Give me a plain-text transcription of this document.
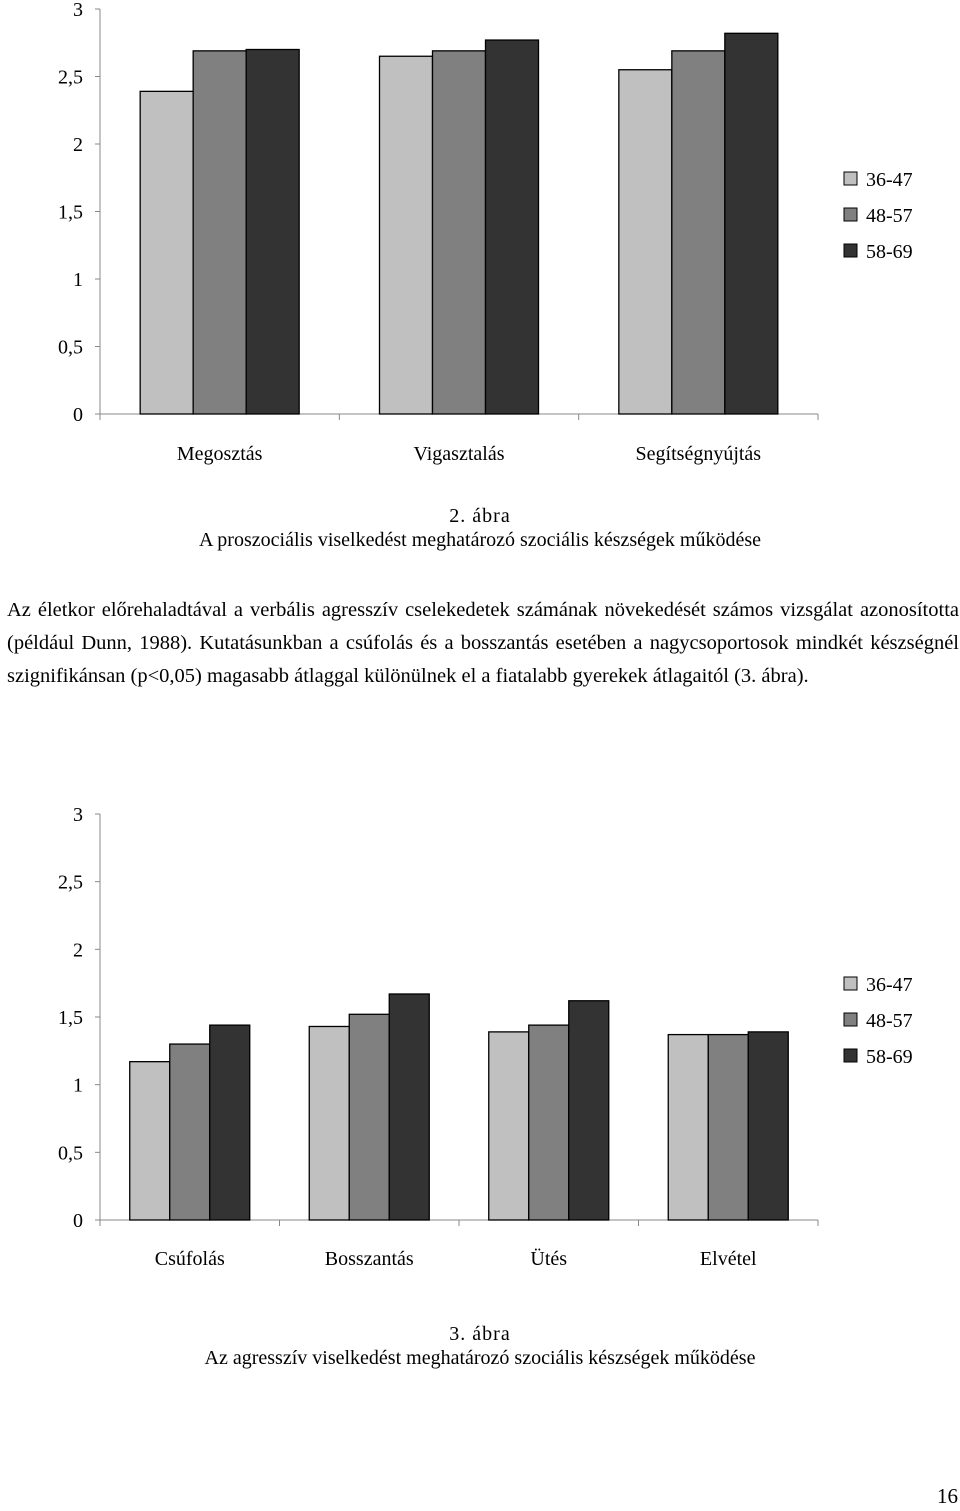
0
0,5
1
1,5
2
2,5
3
Megosztás	Vigasztalás	Segítségnyújtás
36-47
48-57
58-69
2. ábra
A proszociális viselkedést meghatározó szociális készségek működése
Az életkor előrehaladtával a verbális agresszív cselekedetek számának növekedését számos vizsgálat azonosította (például Dunn, 1988). Kutatásunkban a csúfolás és a bosszantás esetében a nagycsoportosok mindkét készségnél szignifikánsan (p<0,05) magasabb átlaggal különülnek el a fiatalabb gyerekek átlagaitól (3. ábra).
0
0,5
1
1,5
2
2,5
3
Csúfolás	Bosszantás	Ütés	Elvétel
36-47
48-57
58-69
3. ábra
Az agresszív viselkedést meghatározó szociális készségek működése
16
